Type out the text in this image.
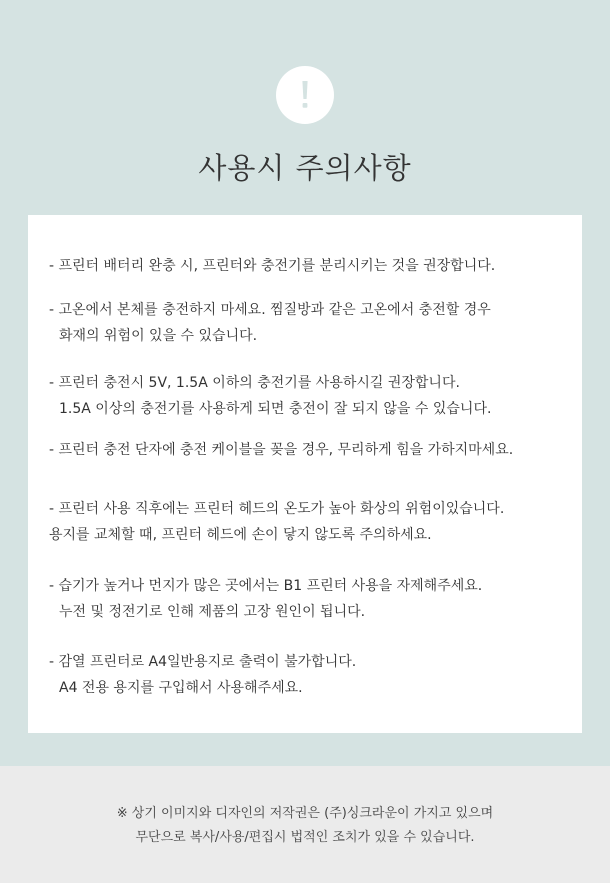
사용시 주의사항
- 프린터 배터리 완충 시, 프린터와 충전기를 분리시키는 것을 권장합니다.
- 고온에서 본체를 충전하지 마세요. 찜질방과 같은 고온에서 충전할 경우
화재의 위험이 있을 수 있습니다.
- 프린터 충전시 5V, 1.5A 이하의 충전기를 사용하시길 권장합니다.
1.5A 이상의 충전기를 사용하게 되면 충전이 잘 되지 않을 수 있습니다.
- 프린터 충전 단자에 충전 케이블을 꽂을 경우, 무리하게 힘을 가하지마세요.
- 프린터 사용 직후에는 프린터 헤드의 온도가 높아 화상의 위험이있습니다.
용지를 교체할 때, 프린터 헤드에 손이 닿지 않도록 주의하세요.
- 습기가 높거나 먼지가 많은 곳에서는 B1 프린터 사용을 자제해주세요.
누전 및 정전기로 인해 제품의 고장 원인이 됩니다.
- 감열 프린터로 A4일반용지로 출력이 불가합니다.
A4 전용 용지를 구입해서 사용해주세요.
※ 상기 이미지와 디자인의 저작권은 (주)싱크라운이 가지고 있으며
무단으로 복사/사용/편집시 법적인 조치가 있을 수 있습니다.
